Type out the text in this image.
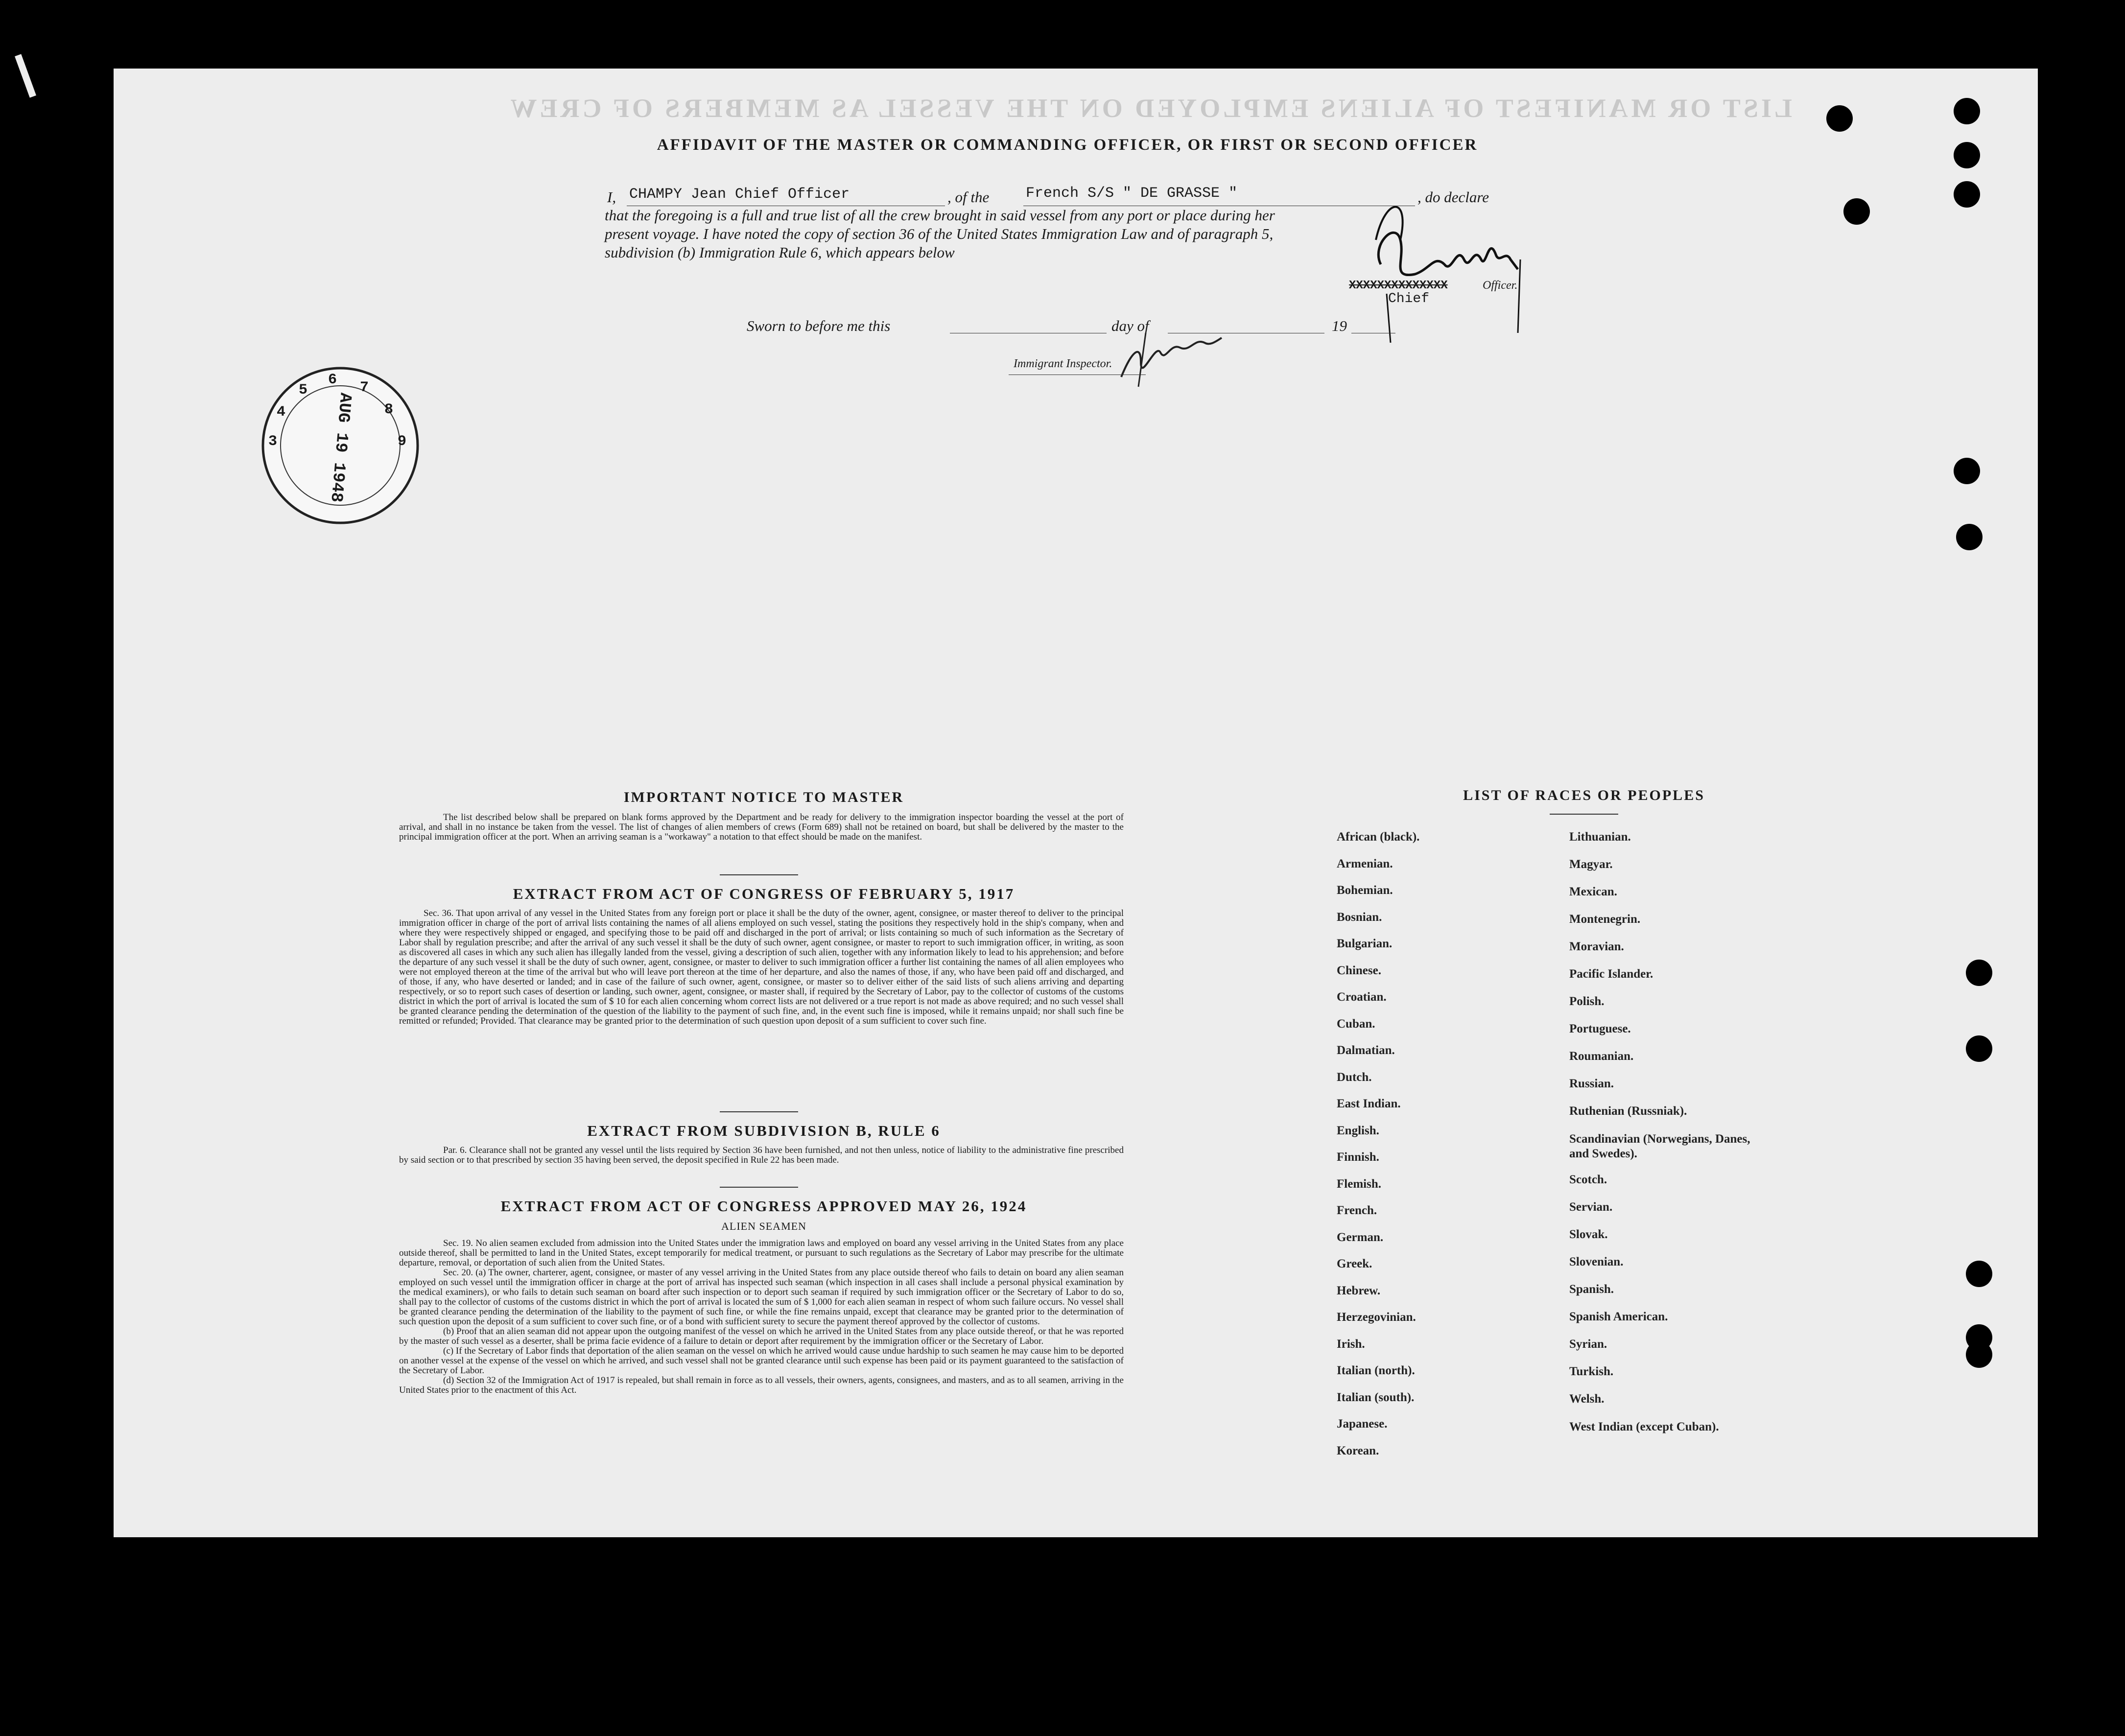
LIST OR MANIFEST OF ALIENS EMPLOYED ON THE VESSEL AS MEMBERS OF CREW
AFFIDAVIT OF THE MASTER OR COMMANDING OFFICER, OR FIRST OR SECOND OFFICER
I, CHAMPY Jean Chief Officer	, of the French S/S " DE GRASSE "	, do declare
that the foregoing is a full and true list of all the crew brought in said vessel from any port or place during her
present voyage. I have noted the copy of section 36 of the United States Immigration Law and of paragraph 5,
subdivision (b) Immigration Rule 6, which appears below
XXXXXXXXXXXXXX	Officer.
Chief
Sworn to before me this	day of	19
Immigrant Inspector.
AUG 19 1948
3
4
5
6 7
8
9
IMPORTANT NOTICE TO MASTER

The list described below shall be prepared on blank forms approved by the Department and be ready for delivery to the immigration inspector boarding the vessel at the port of arrival, and shall in no instance be taken from the vessel. The list of changes of alien members of crews (Form 689) shall not be retained on board, but shall be delivered by the master to the principal immigration officer at the port. When an arriving seaman is a "workaway" a notation to that effect should be made on the manifest.

EXTRACT FROM ACT OF CONGRESS OF FEBRUARY 5, 1917

Sec. 36. That upon arrival of any vessel in the United States from any foreign port or place it shall be the duty of the owner, agent, consignee, or master thereof to deliver to the principal immigration officer in charge of the port of arrival lists containing the names of all aliens employed on such vessel, stating the positions they respectively hold in the ship's company, when and where they were respectively shipped or engaged, and specifying those to be paid off and discharged in the port of arrival; or lists containing so much of such information as the Secretary of Labor shall by regulation prescribe; and after the arrival of any such vessel it shall be the duty of such owner, agent consignee, or master to report to such immigration officer, in writing, as soon as discovered all cases in which any such alien has illegally landed from the vessel, giving a description of such alien, together with any information likely to lead to his apprehension; and before the departure of any such vessel it shall be the duty of such owner, agent, consignee, or master to deliver to such immigration officer a further list containing the names of all alien employees who were not employed thereon at the time of the arrival but who will leave port thereon at the time of her departure, and also the names of those, if any, who have been paid off and discharged, and of those, if any, who have deserted or landed; and in case of the failure of such owner, agent, consignee, or master so to deliver either of the said lists of such aliens arriving and departing respectively, or so to report such cases of desertion or landing, such owner, agent, consignee, or master shall, if required by the Secretary of Labor, pay to the collector of customs of the customs district in which the port of arrival is located the sum of $ 10 for each alien concerning whom correct lists are not delivered or a true report is not made as above required; and no such vessel shall be granted clearance pending the determination of the question of the liability to the payment of such fine, and, in the event such fine is imposed, while it remains unpaid; nor shall such fine be remitted or refunded; Provided. That clearance may be granted prior to the determination of such question upon deposit of a sum sufficient to cover such fine.

EXTRACT FROM SUBDIVISION B, RULE 6

Par. 6. Clearance shall not be granted any vessel until the lists required by Section 36 have been furnished, and not then unless, notice of liability to the administrative fine prescribed by said section or to that prescribed by section 35 having been served, the deposit specified in Rule 22 has been made.

EXTRACT FROM ACT OF CONGRESS APPROVED MAY 26, 1924
ALIEN SEAMEN

Sec. 19. No alien seamen excluded from admission into the United States under the immigration laws and employed on board any vessel arriving in the United States from any place outside thereof, shall be permitted to land in the United States, except temporarily for medical treatment, or pursuant to such regulations as the Secretary of Labor may prescribe for the ultimate departure, removal, or deportation of such alien from the United States.

Sec. 20. (a) The owner, charterer, agent, consignee, or master of any vessel arriving in the United States from any place outside thereof who fails to detain on board any alien seaman employed on such vessel until the immigration officer in charge at the port of arrival has inspected such seaman (which inspection in all cases shall include a personal physical examination by the medical examiners), or who fails to detain such seaman on board after such inspection or to deport such seaman if required by such immigration officer or the Secretary of Labor to do so, shall pay to the collector of customs of the customs district in which the port of arrival is located the sum of $ 1,000 for each alien seaman in respect of whom such failure occurs. No vessel shall be granted clearance pending the determination of the liability to the payment of such fine, or while the fine remains unpaid, except that clearance may be granted prior to the determination of such question upon the deposit of a sum sufficient to cover such fine, or of a bond with sufficient surety to secure the payment thereof approved by the collector of customs.

(b) Proof that an alien seaman did not appear upon the outgoing manifest of the vessel on which he arrived in the United States from any place outside thereof, or that he was reported by the master of such vessel as a deserter, shall be prima facie evidence of a failure to detain or deport after requirement by the immigration officer or the Secretary of Labor.

(c) If the Secretary of Labor finds that deportation of the alien seaman on the vessel on which he arrived would cause undue hardship to such seamen he may cause him to be deported on another vessel at the expense of the vessel on which he arrived, and such vessel shall not be granted clearance until such expense has been paid or its payment guaranteed to the satisfaction of the Secretary of Labor.

(d) Section 32 of the Immigration Act of 1917 is repealed, but shall remain in force as to all vessels, their owners, agents, consignees, and masters, and as to all seamen, arriving in the United States prior to the enactment of this Act.

LIST OF RACES OR PEOPLES
African (black).
Armenian.
Bohemian.
Bosnian.
Bulgarian.
Chinese.
Croatian.
Cuban.
Dalmatian.
Dutch.
East Indian.
English.
Finnish.
Flemish.
French.
German.
Greek.
Hebrew.
Herzegovinian.
Irish.
Italian (north).
Italian (south).
Japanese.
Korean.
Lithuanian.
Magyar.
Mexican.
Montenegrin.
Moravian.
Pacific Islander.
Polish.
Portuguese.
Roumanian.
Russian.
Ruthenian (Russniak).
Scandinavian (Norwegians, Danes, and Swedes).
Scotch.
Servian.
Slovak.
Slovenian.
Spanish.
Spanish American.
Syrian.
Turkish.
Welsh.
West Indian (except Cuban).
